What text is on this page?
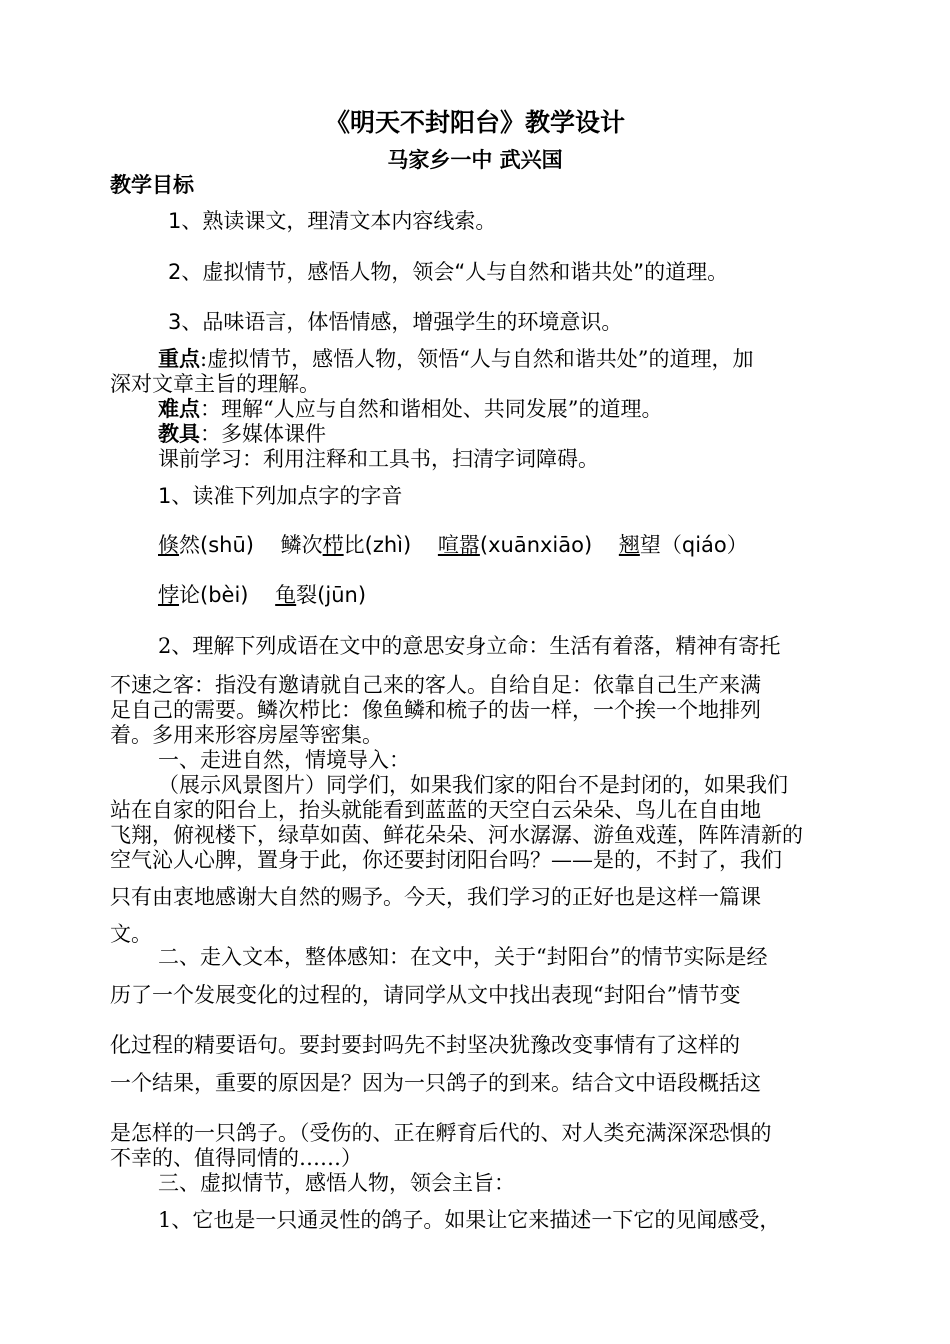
《明天不封阳台》教学设计
马家乡一中 武兴国
教学目标
1、熟读课文，理清文本内容线索。
2、虚拟情节，感悟人物，领会“人与自然和谐共处”的道理。
3、品味语言，体悟情感，增强学生的环境意识。
重点:虚拟情节，感悟人物，领悟“人与自然和谐共处”的道理，加
深对文章主旨的理解。
难点：理解“人应与自然和谐相处、共同发展”的道理。
教具：多媒体课件
课前学习：利用注释和工具书，扫清字词障碍。
1、读准下列加点字的字音
倏然(shū) 鳞次栉比(zhì) 喧嚣(xuānxiāo) 翘望（qiáo）
悖论(bèi) 龟裂(jūn)
2、理解下列成语在文中的意思安身立命：生活有着落，精神有寄托
不速之客：指没有邀请就自己来的客人。自给自足：依靠自己生产来满
足自己的需要。鳞次栉比：像鱼鳞和梳子的齿一样，一个挨一个地排列
着。多用来形容房屋等密集。
一、走进自然，情境导入：
（展示风景图片）同学们，如果我们家的阳台不是封闭的，如果我们
站在自家的阳台上，抬头就能看到蓝蓝的天空白云朵朵、鸟儿在自由地
飞翔，俯视楼下，绿草如茵、鲜花朵朵、河水潺潺、游鱼戏莲，阵阵清新的
空气沁人心脾，置身于此，你还要封闭阳台吗？——是的，不封了，我们
只有由衷地感谢大自然的赐予。今天，我们学习的正好也是这样一篇课
文。
二、走入文本，整体感知：在文中，关于“封阳台”的情节实际是经
历了一个发展变化的过程的，请同学从文中找出表现“封阳台”情节变
化过程的精要语句。要封要封吗先不封坚决犹豫改变事情有了这样的
一个结果，重要的原因是？因为一只鸽子的到来。结合文中语段概括这
是怎样的一只鸽子。（受伤的、正在孵育后代的、对人类充满深深恐惧的
不幸的、值得同情的……）
三、虚拟情节，感悟人物，领会主旨：
1、它也是一只通灵性的鸽子。如果让它来描述一下它的见闻感受，
